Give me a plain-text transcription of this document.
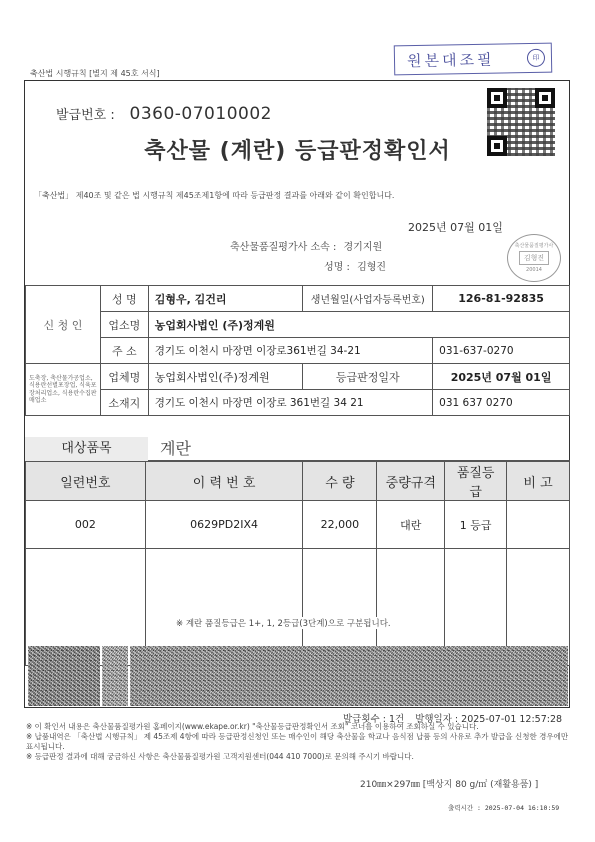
축산법 시행규칙 [별지 제 45호 서식]
원본대조필	印
발급번호 : 0360-07010002
축산물 (계란) 등급판정확인서
「축산법」 제40조 및 같은 법 시행규칙 제45조제1항에 따라 등급판정 결과를 아래와 같이 확인합니다.
2025년 07월 01일
축산물품질평가사 소속 : 경기지원
성명 : 김형진
축산물품질평가사
김형진
20014
신 청 인	성 명	김형우, 김건리	생년월일(사업자등록번호)	126-81-92835
	업소명	농업회사법인 (주)정계원		
	주 소	경기도 이천시 마장면 이장로361번길 34-21		031-637-0270
도축장, 축산물가공업소, 식용란선별포장업, 식육포장처리업소, 식용란수집판매업소	업체명	농업회사법인(주)정계원	등급판정일자	2025년 07월 01일
	소재지	경기도 이천시 마장면 이장로 361번길 34 21		031 637 0270
대상품목	계란
일련번호	이 력 번 호	수 량	중량규격	품질등급	비 고
002	0629PD2IX4	22,000	대란	1 등급	

※ 계란 품질등급은 1+, 1, 2등급(3단계)으로 구분됩니다.
발급횟수 : 1건 발행일자 : 2025-07-01 12:57:28
※ 이 확인서 내용은 축산물품질평가원 홈페이지(www.ekape.or.kr) "축산물등급판정확인서 조회" 코너를 이용하여 조회하실 수 있습니다.
※ 납품내역은 「축산법 시행규칙」 제 45조제 4항에 따라 등급판정신청인 또는 매수인이 해당 축산물을 학교나 음식점 납품 등의 사유로 추가 발급을 신청한 경우에만 표시됩니다.
※ 등급판정 결과에 대해 궁금하신 사항은 축산물품질평가원 고객지원센터(044 410 7000)로 문의해 주시기 바랍니다.
210㎜×297㎜ [백상지 80 g/㎡ (재활용품) ]
출력시간 : 2025-07-04 16:10:59
